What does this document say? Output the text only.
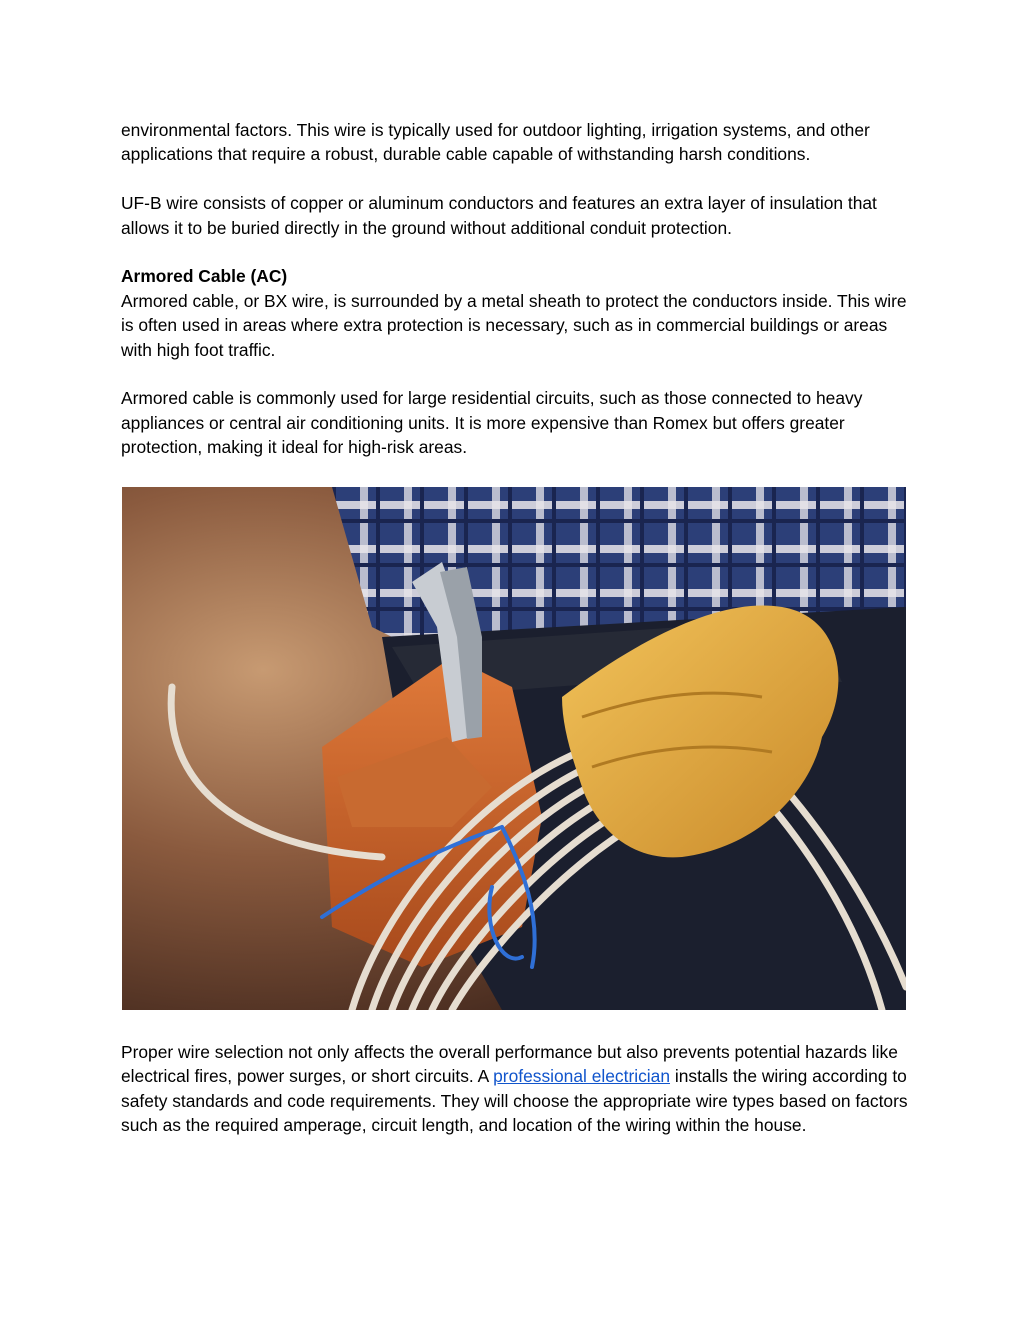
environmental factors. This wire is typically used for outdoor lighting, irrigation systems, and other applications that require a robust, durable cable capable of withstanding harsh conditions.

UF-B wire consists of copper or aluminum conductors and features an extra layer of insulation that allows it to be buried directly in the ground without additional conduit protection.

Armored Cable (AC)

Armored cable, or BX wire, is surrounded by a metal sheath to protect the conductors inside. This wire is often used in areas where extra protection is necessary, such as in commercial buildings or areas with high foot traffic.

Armored cable is commonly used for large residential circuits, such as those connected to heavy appliances or central air conditioning units. It is more expensive than Romex but offers greater protection, making it ideal for high-risk areas.

Proper wire selection not only affects the overall performance but also prevents potential hazards like electrical fires, power surges, or short circuits. A professional electrician installs the wiring according to safety standards and code requirements. They will choose the appropriate wire types based on factors such as the required amperage, circuit length, and location of the wiring within the house.
